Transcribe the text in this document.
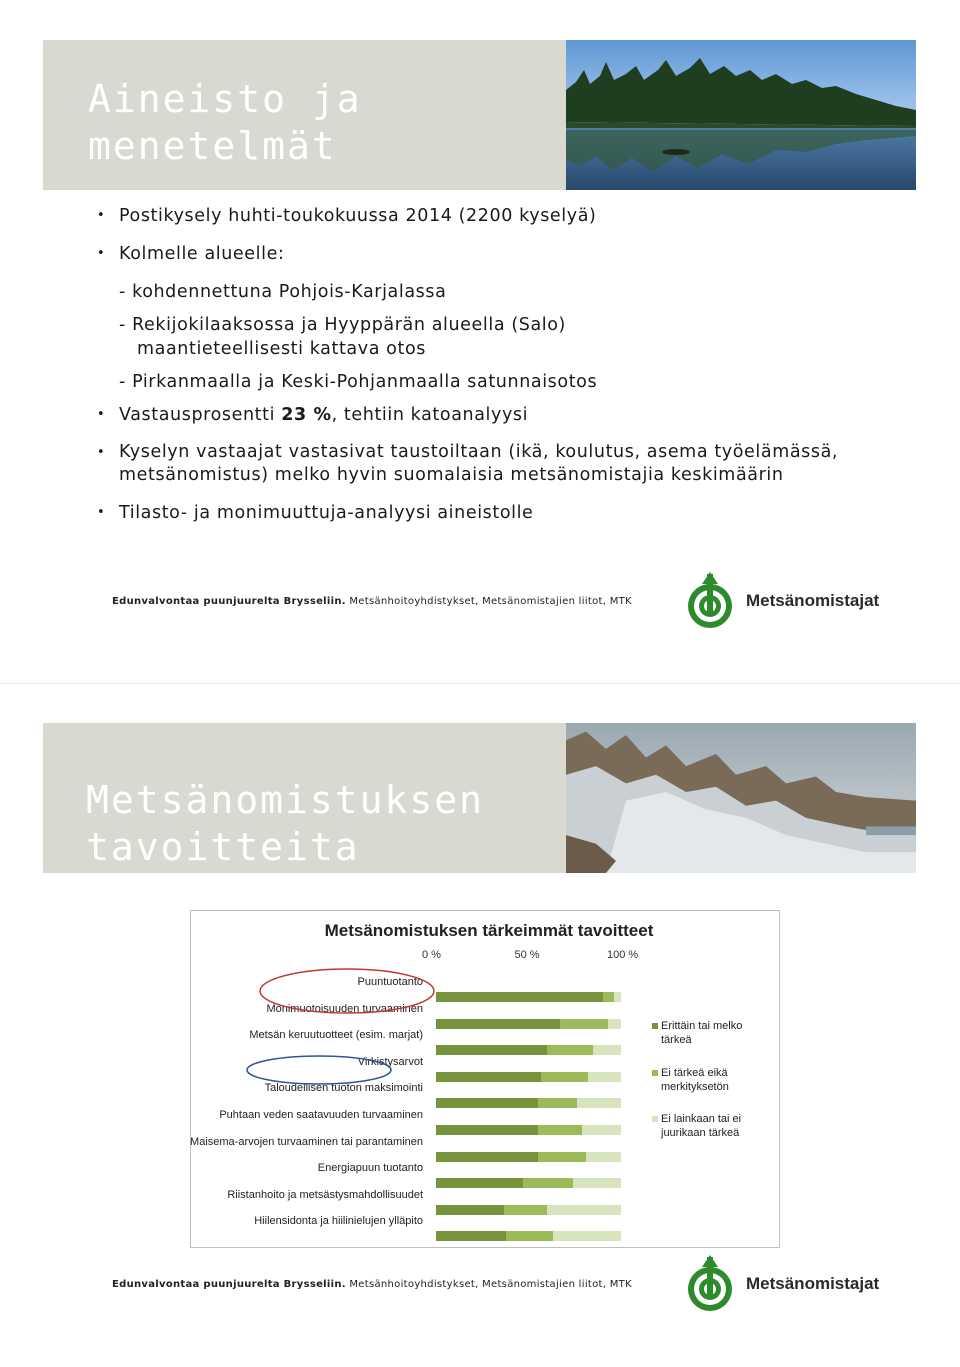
Aineisto ja
menetelmät
• Postikysely huhti-toukokuussa 2014 (2200 kyselyä)
• Kolmelle alueelle:
- kohdennettuna Pohjois-Karjalassa
- Rekijokilaaksossa ja Hyyppärän alueella (Salo)
maantieteellisesti kattava otos
- Pirkanmaalla ja Keski-Pohjanmaalla satunnaisotos
• Vastausprosentti 23 %, tehtiin katoanalyysi
• Kyselyn vastaajat vastasivat taustoiltaan (ikä, koulutus, asema työelämässä, metsänomistus) melko hyvin suomalaisia metsänomistajia keskimäärin
• Tilasto- ja monimuuttuja-analyysi aineistolle
Edunvalvontaa puunjuurelta Brysseliin. Metsänhoitoyhdistykset, Metsänomistajien liitot, MTK	Metsänomistajat
Metsänomistuksen
tavoitteita
Metsänomistuksen tärkeimmät tavoitteet
0 %	50 %	100 %
Puuntuotanto
Monimuotoisuuden turvaaminen
Metsän keruutuotteet (esim. marjat)
Virkistysarvot
Taloudellisen tuoton maksimointi
Puhtaan veden saatavuuden turvaaminen
Maisema-arvojen turvaaminen tai parantaminen
Energiapuun tuotanto
Riistanhoito ja metsästysmahdollisuudet
Hiilensidonta ja hiilinielujen ylläpito
Erittäin tai melko tärkeä
Ei tärkeä eikä merkityksetön
Ei lainkaan tai ei juurikaan tärkeä
Edunvalvontaa puunjuurelta Brysseliin. Metsänhoitoyhdistykset, Metsänomistajien liitot, MTK	Metsänomistajat
